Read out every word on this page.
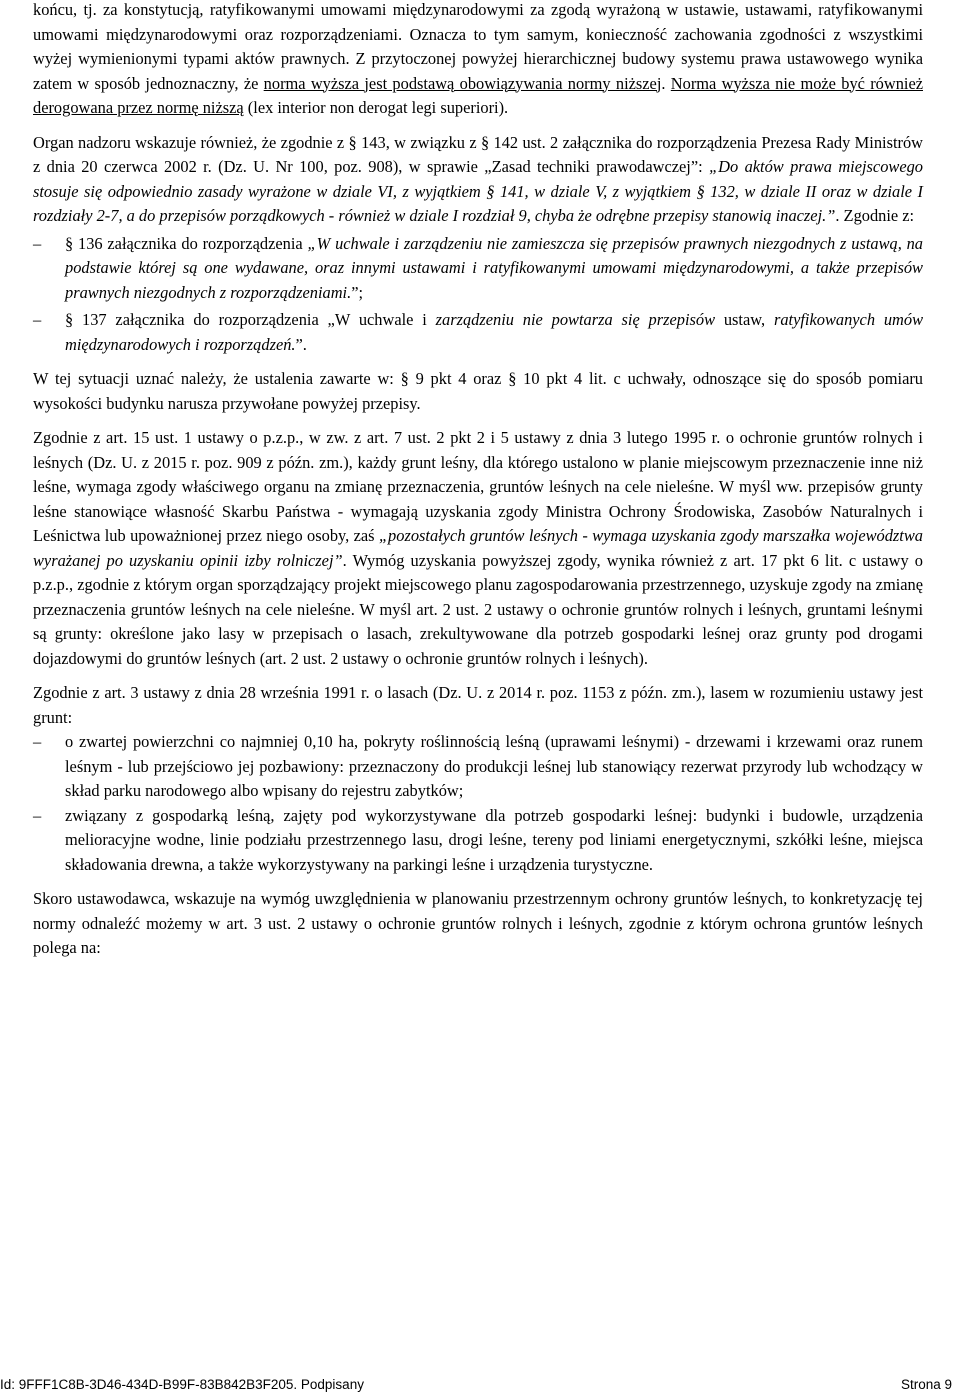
końcu, tj. za konstytucją, ratyfikowanymi umowami międzynarodowymi za zgodą wyrażoną w ustawie, ustawami, ratyfikowanymi umowami międzynarodowymi oraz rozporządzeniami. Oznacza to tym samym, konieczność zachowania zgodności z wszystkimi wyżej wymienionymi typami aktów prawnych. Z przytoczonej powyżej hierarchicznej budowy systemu prawa ustawowego wynika zatem w sposób jednoznaczny, że norma wyższa jest podstawą obowiązywania normy niższej. Norma wyższa nie może być również derogowana przez normę niższą (lex interior non derogat legi superiori).

Organ nadzoru wskazuje również, że zgodnie z § 143, w związku z § 142 ust. 2 załącznika do rozporządzenia Prezesa Rady Ministrów z dnia 20 czerwca 2002 r. (Dz. U. Nr 100, poz. 908), w sprawie „Zasad techniki prawodawczej”: „Do aktów prawa miejscowego stosuje się odpowiednio zasady wyrażone w dziale VI, z wyjątkiem § 141, w dziale V, z wyjątkiem § 132, w dziale II oraz w dziale I rozdziały 2-7, a do przepisów porządkowych - również w dziale I rozdział 9, chyba że odrębne przepisy stanowią inaczej.”. Zgodnie z:

– § 136 załącznika do rozporządzenia „W uchwale i zarządzeniu nie zamieszcza się przepisów prawnych niezgodnych z ustawą, na podstawie której są one wydawane, oraz innymi ustawami i ratyfikowanymi umowami międzynarodowymi, a także przepisów prawnych niezgodnych z rozporządzeniami.”;
– § 137 załącznika do rozporządzenia „W uchwale i zarządzeniu nie powtarza się przepisów ustaw, ratyfikowanych umów międzynarodowych i rozporządzeń.”.

W tej sytuacji uznać należy, że ustalenia zawarte w: § 9 pkt 4 oraz § 10 pkt 4 lit. c uchwały, odnoszące się do sposób pomiaru wysokości budynku narusza przywołane powyżej przepisy.

Zgodnie z art. 15 ust. 1 ustawy o p.z.p., w zw. z art. 7 ust. 2 pkt 2 i 5 ustawy z dnia 3 lutego 1995 r. o ochronie gruntów rolnych i leśnych (Dz. U. z 2015 r. poz. 909 z późn. zm.), każdy grunt leśny, dla którego ustalono w planie miejscowym przeznaczenie inne niż leśne, wymaga zgody właściwego organu na zmianę przeznaczenia, gruntów leśnych na cele nieleśne. W myśl ww. przepisów grunty leśne stanowiące własność Skarbu Państwa - wymagają uzyskania zgody Ministra Ochrony Środowiska, Zasobów Naturalnych i Leśnictwa lub upoważnionej przez niego osoby, zaś „pozostałych gruntów leśnych - wymaga uzyskania zgody marszałka województwa wyrażanej po uzyskaniu opinii izby rolniczej”. Wymóg uzyskania powyższej zgody, wynika również z art. 17 pkt 6 lit. c ustawy o p.z.p., zgodnie z którym organ sporządzający projekt miejscowego planu zagospodarowania przestrzennego, uzyskuje zgody na zmianę przeznaczenia gruntów leśnych na cele nieleśne. W myśl art. 2 ust. 2 ustawy o ochronie gruntów rolnych i leśnych, gruntami leśnymi są grunty: określone jako lasy w przepisach o lasach, zrekultywowane dla potrzeb gospodarki leśnej oraz grunty pod drogami dojazdowymi do gruntów leśnych (art. 2 ust. 2 ustawy o ochronie gruntów rolnych i leśnych).

Zgodnie z art. 3 ustawy z dnia 28 września 1991 r. o lasach (Dz. U. z 2014 r. poz. 1153 z późn. zm.), lasem w rozumieniu ustawy jest grunt:

– o zwartej powierzchni co najmniej 0,10 ha, pokryty roślinnością leśną (uprawami leśnymi) - drzewami i krzewami oraz runem leśnym - lub przejściowo jej pozbawiony: przeznaczony do produkcji leśnej lub stanowiący rezerwat przyrody lub wchodzący w skład parku narodowego albo wpisany do rejestru zabytków;
– związany z gospodarką leśną, zajęty pod wykorzystywane dla potrzeb gospodarki leśnej: budynki i budowle, urządzenia melioracyjne wodne, linie podziału przestrzennego lasu, drogi leśne, tereny pod liniami energetycznymi, szkółki leśne, miejsca składowania drewna, a także wykorzystywany na parkingi leśne i urządzenia turystyczne.

Skoro ustawodawca, wskazuje na wymóg uwzględnienia w planowaniu przestrzennym ochrony gruntów leśnych, to konkretyzację tej normy odnaleźć możemy w art. 3 ust. 2 ustawy o ochronie gruntów rolnych i leśnych, zgodnie z którym ochrona gruntów leśnych polega na:

Id: 9FFF1C8B-3D46-434D-B99F-83B842B3F205. Podpisany	Strona 9
